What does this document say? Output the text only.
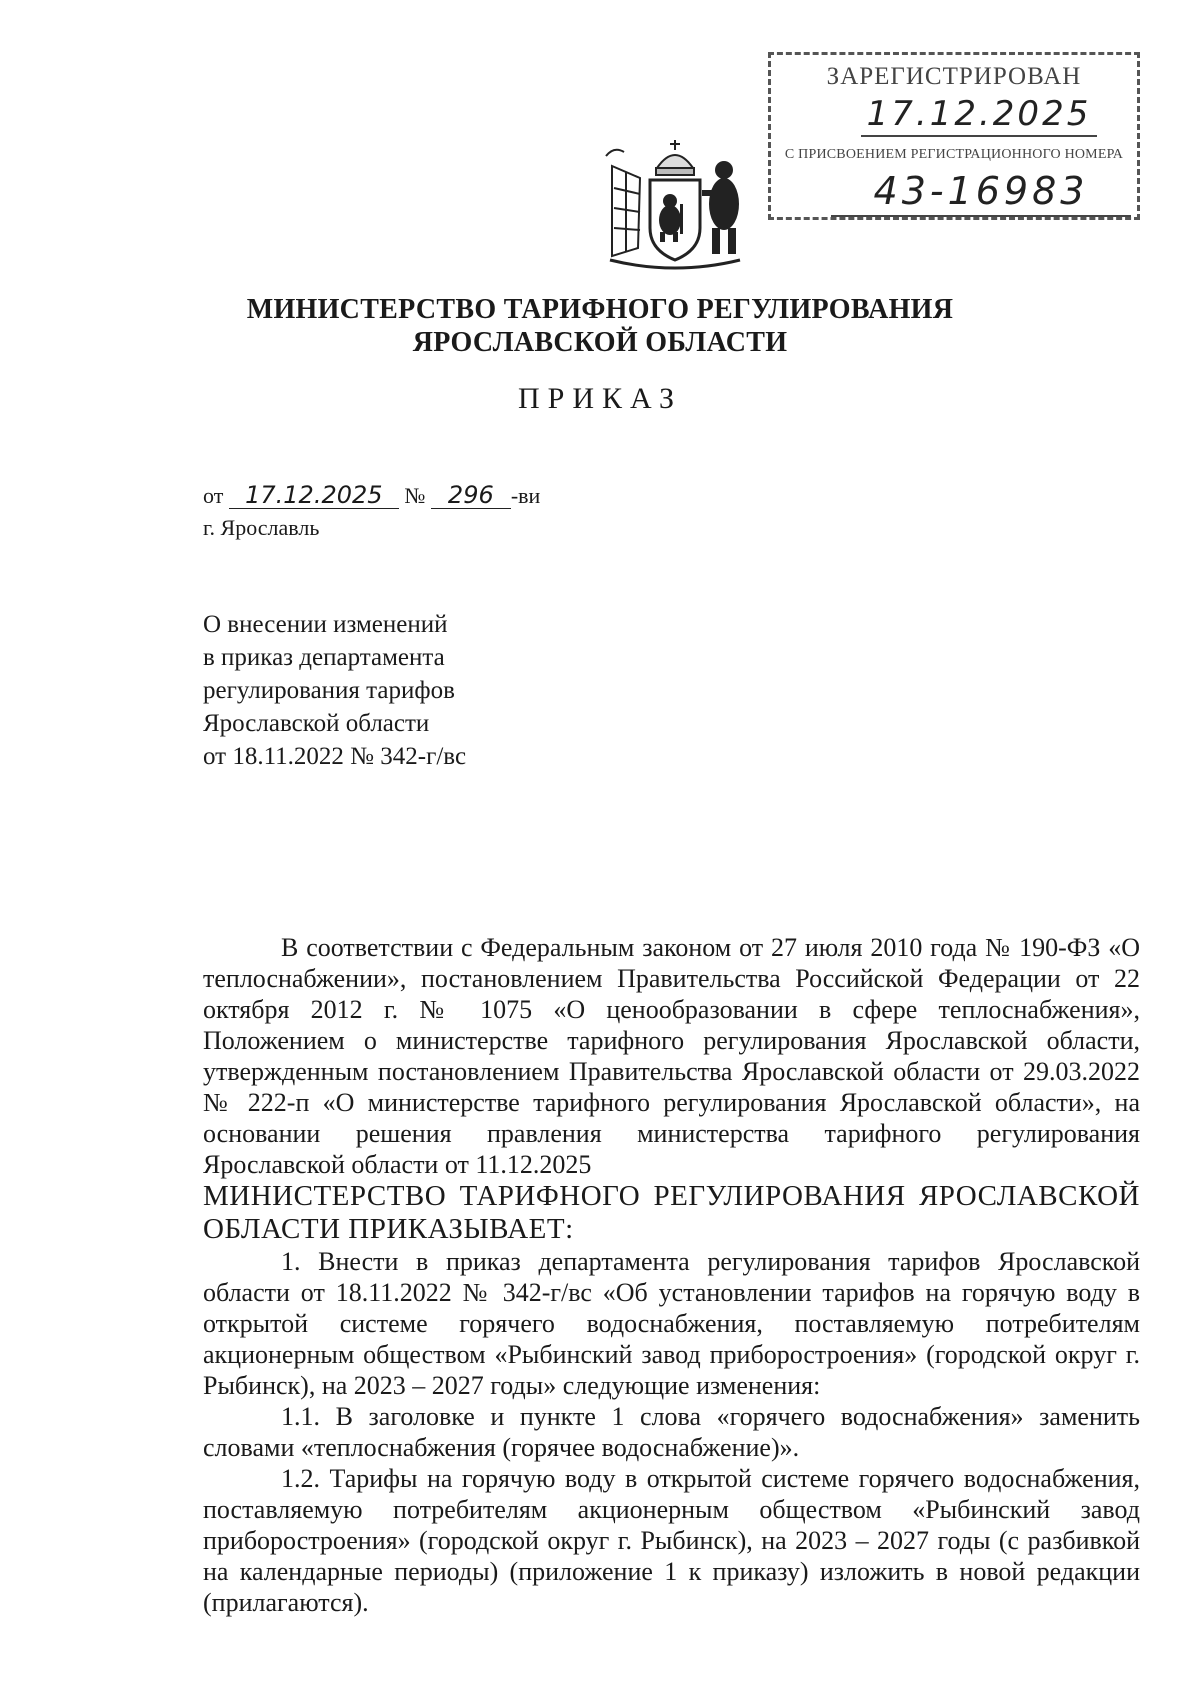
ЗАРЕГИСТРИРОВАН
17.12.2025
С ПРИСВОЕНИЕМ РЕГИСТРАЦИОННОГО НОМЕРА
43-16983
МИНИСТЕРСТВО ТАРИФНОГО РЕГУЛИРОВАНИЯ
ЯРОСЛАВСКОЙ ОБЛАСТИ
ПРИКАЗ
от 17.12.2025 № 296 -ви
г. Ярославль
О внесении изменений
в приказ департамента
регулирования тарифов
Ярославской области
от 18.11.2022 № 342-г/вс

В соответствии с Федеральным законом от 27 июля 2010 года № 190-ФЗ «О теплоснабжении», постановлением Правительства Российской Федерации от 22 октября 2012 г. № 1075 «О ценообразовании в сфере теплоснабжения», Положением о министерстве тарифного регулирования Ярославской области, утвержденным постановлением Правительства Ярославской области от 29.03.2022 № 222-п «О министерстве тарифного регулирования Ярославской области», на основании решения правления министерства тарифного регулирования Ярославской области от 11.12.2025

МИНИСТЕРСТВО ТАРИФНОГО РЕГУЛИРОВАНИЯ ЯРОСЛАВСКОЙ ОБЛАСТИ ПРИКАЗЫВАЕТ:

1. Внести в приказ департамента регулирования тарифов Ярославской области от 18.11.2022 № 342-г/вс «Об установлении тарифов на горячую воду в открытой системе горячего водоснабжения, поставляемую потребителям акционерным обществом «Рыбинский завод приборостроения» (городской округ г. Рыбинск), на 2023 – 2027 годы» следующие изменения:

1.1. В заголовке и пункте 1 слова «горячего водоснабжения» заменить словами «теплоснабжения (горячее водоснабжение)».

1.2. Тарифы на горячую воду в открытой системе горячего водоснабжения, поставляемую потребителям акционерным обществом «Рыбинский завод приборостроения» (городской округ г. Рыбинск), на 2023 – 2027 годы (с разбивкой на календарные периоды) (приложение 1 к приказу) изложить в новой редакции (прилагаются).
